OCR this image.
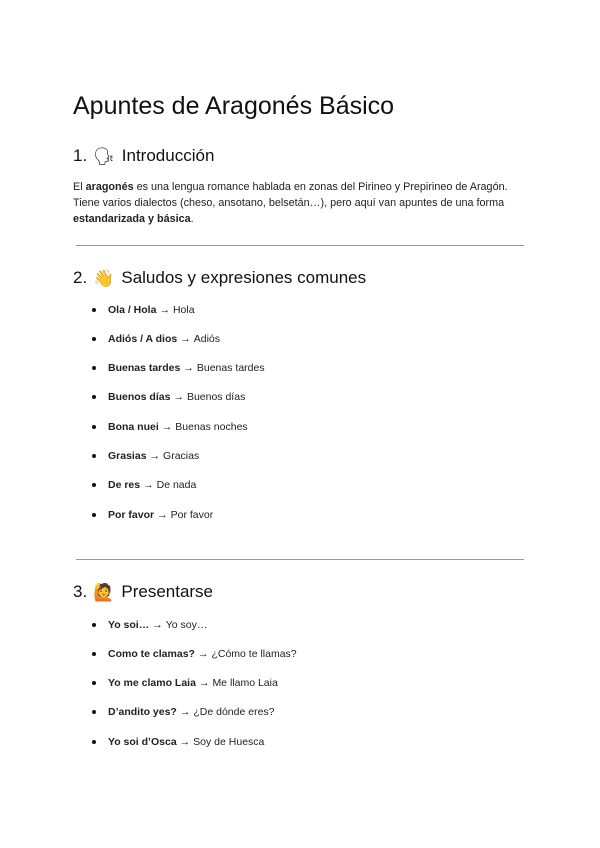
Apuntes de Aragonés Básico
1. 🗣 Introducción
El aragonés es una lengua romance hablada en zonas del Pirineo y Prepirineo de Aragón. Tiene varios dialectos (cheso, ansotano, belsetán…), pero aquí van apuntes de una forma estandarizada y básica.
2. 👋 Saludos y expresiones comunes
Ola / Hola → Hola
Adiós / A dios → Adiós
Buenas tardes → Buenas tardes
Buenos días → Buenos días
Bona nuei → Buenas noches
Grasias → Gracias
De res → De nada
Por favor → Por favor
3. 🙋 Presentarse
Yo soi… → Yo soy…
Como te clamas? → ¿Cómo te llamas?
Yo me clamo Laia → Me llamo Laia
D’andito yes? → ¿De dónde eres?
Yo soi d’Osca → Soy de Huesca
